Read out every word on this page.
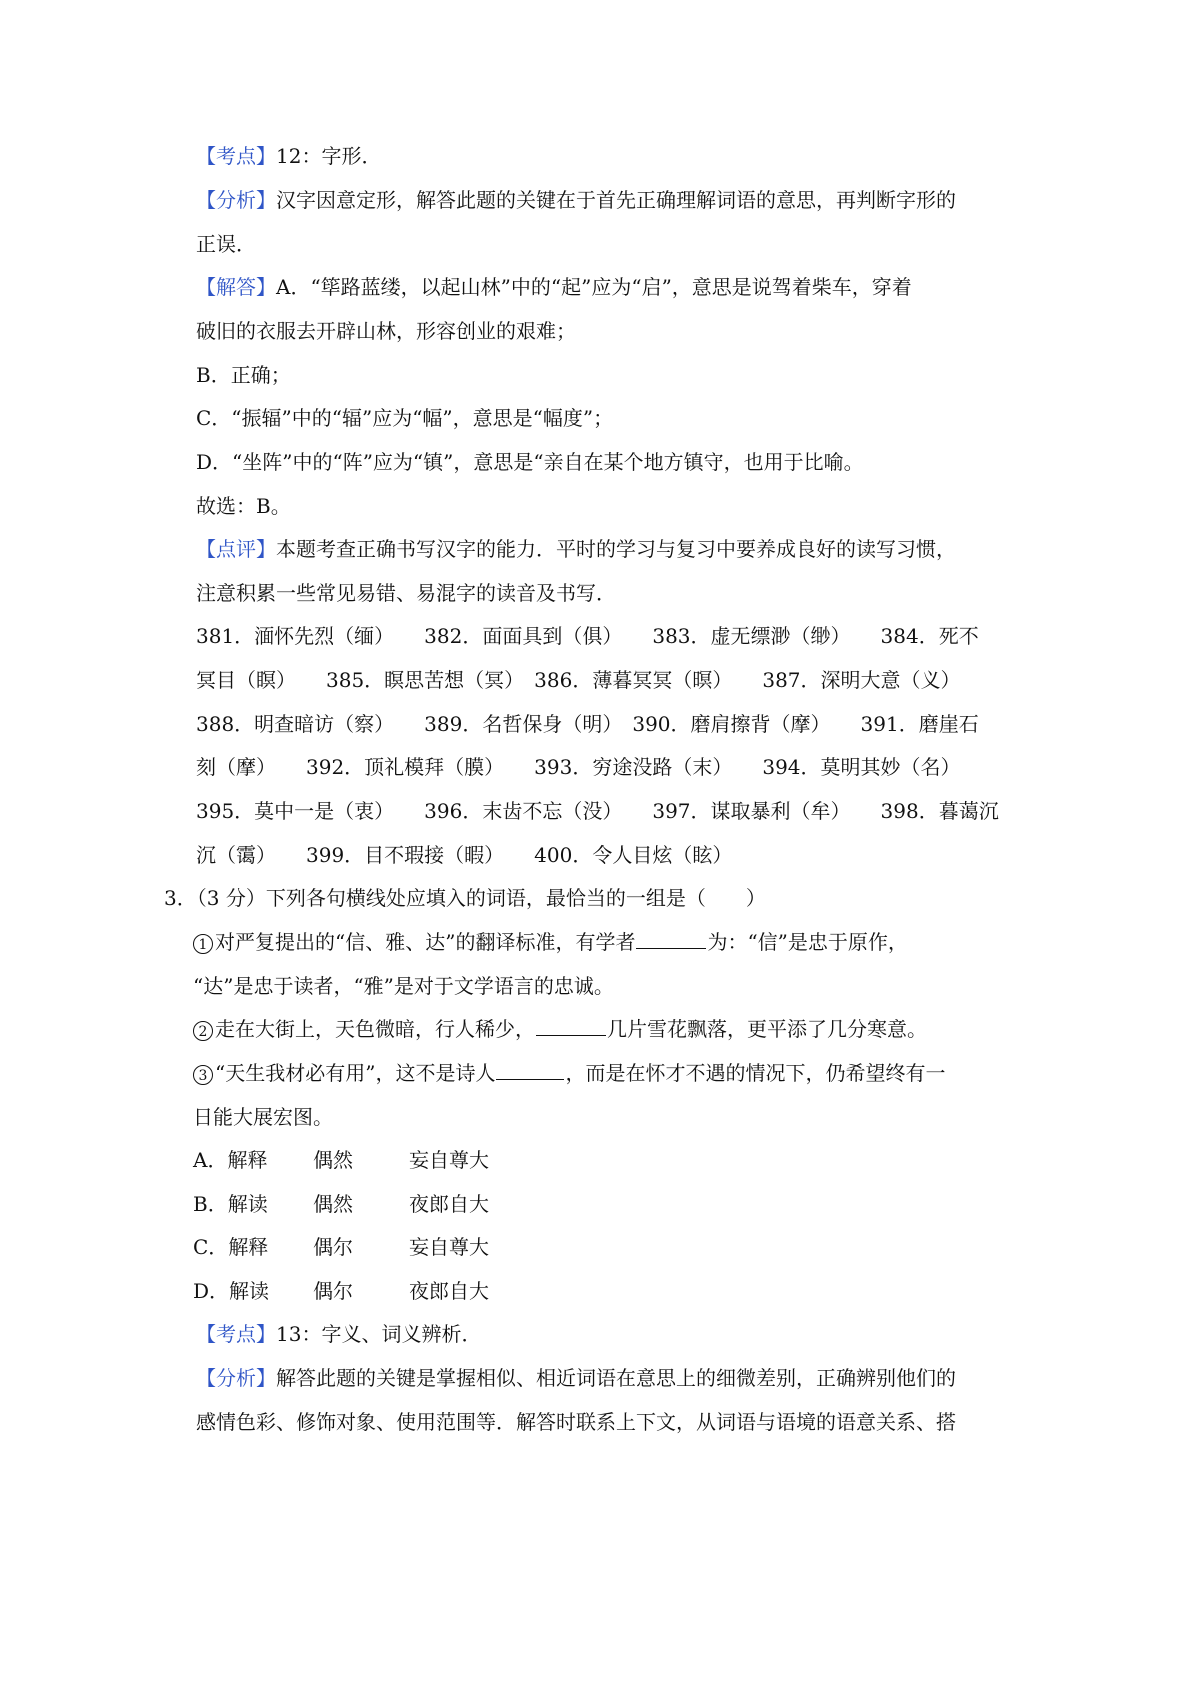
【考点】12：字形．
【分析】汉字因意定形，解答此题的关键在于首先正确理解词语的意思，再判断字形的
正误．
【解答】A．“筚路蓝缕，以起山林”中的“起”应为“启”，意思是说驾着柴车，穿着
破旧的衣服去开辟山林，形容创业的艰难；
B．正确；
C．“振辐”中的“辐”应为“幅”，意思是“幅度”；
D．“坐阵”中的“阵”应为“镇”，意思是“亲自在某个地方镇守，也用于比喻。
故选：B。
【点评】本题考查正确书写汉字的能力．平时的学习与复习中要养成良好的读写习惯，
注意积累一些常见易错、易混字的读音及书写．
381．湎怀先烈（缅）　　382．面面具到（俱）　　383．虚无缥渺（缈）　　384．死不
冥目（瞑）　　385．瞑思苦想（冥）　386．薄暮冥冥（暝）　　387．深明大意（义）
388．明查暗访（察）　　389．名哲保身（明）　390．磨肩擦背（摩）　　391．磨崖石
刻（摩）　　392．顶礼模拜（膜）　　393．穷途没路（末）　　394．莫明其妙（名）
395．莫中一是（衷）　　396．末齿不忘（没）　　397．谋取暴利（牟）　　398．暮蔼沉
沉（霭）　　399．目不瑕接（暇）　　400．令人目炫（眩）
3．（3 分）下列各句横线处应填入的词语，最恰当的一组是（　　）
1 对严复提出的“信、雅、达”的翻译标准，有学者	为：“信”是忠于原作，
“达”是忠于读者，“雅”是对于文学语言的忠诚。
2 走在大街上，天色微暗，行人稀少，	几片雪花飘落，更平添了几分寒意。
3 “天生我材必有用”，这不是诗人	，而是在怀才不遇的情况下，仍希望终有一
日能大展宏图。
A．解释 偶然	妄自尊大
B．解读 偶然	夜郎自大
C．解释 偶尔	妄自尊大
D．解读 偶尔	夜郎自大
【考点】13：字义、词义辨析．
【分析】解答此题的关键是掌握相似、相近词语在意思上的细微差别，正确辨别他们的
感情色彩、修饰对象、使用范围等．解答时联系上下文，从词语与语境的语意关系、搭
